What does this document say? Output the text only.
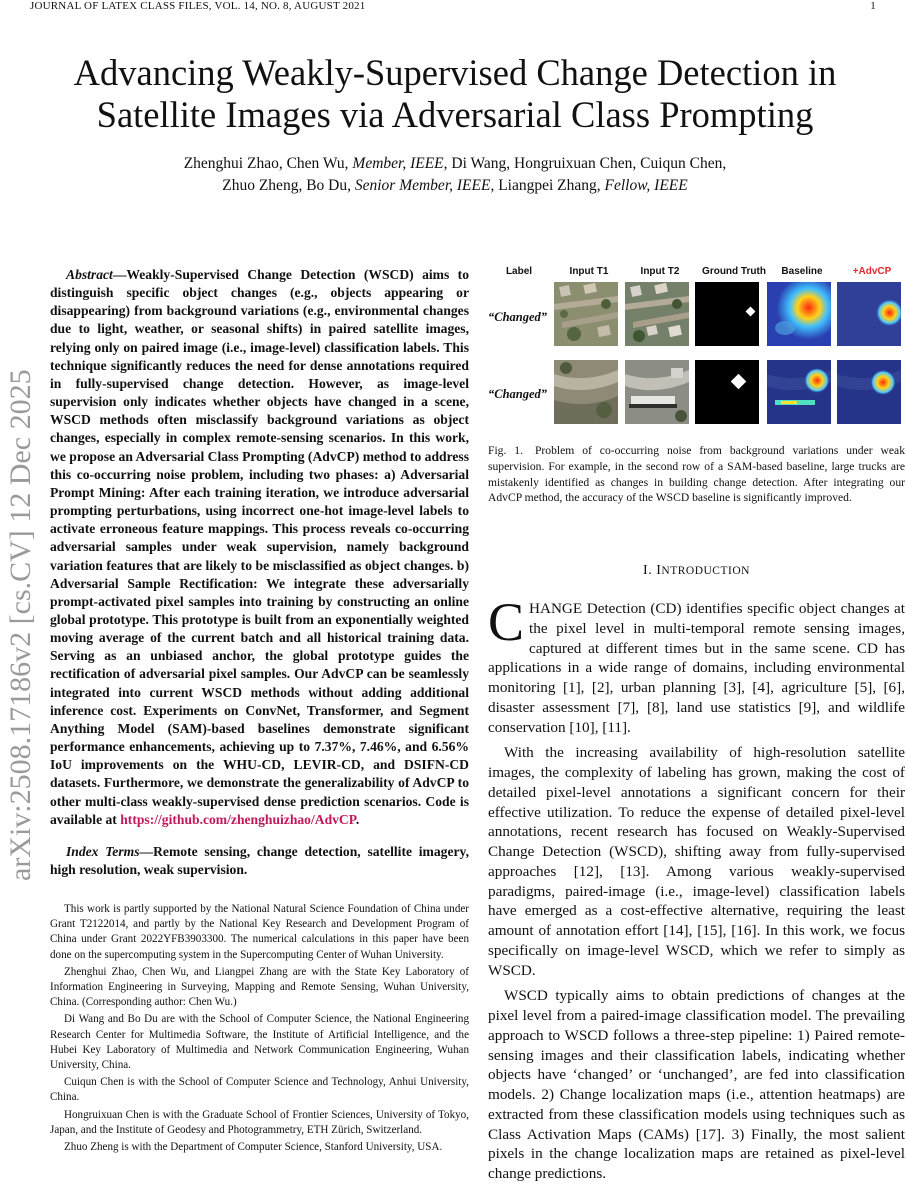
JOURNAL OF LATEX CLASS FILES, VOL. 14, NO. 8, AUGUST 2021	1
arXiv:2508.17186v2 [cs.CV] 12 Dec 2025
Advancing Weakly-Supervised Change Detection in Satellite Images via Adversarial Class Prompting
Zhenghui Zhao, Chen Wu, Member, IEEE, Di Wang, Hongruixuan Chen, Cuiqun Chen,
Zhuo Zheng, Bo Du, Senior Member, IEEE, Liangpei Zhang, Fellow, IEEE
Abstract—Weakly-Supervised Change Detection (WSCD) aims to distinguish specific object changes (e.g., objects appearing or disappearing) from background variations (e.g., environmental changes due to light, weather, or seasonal shifts) in paired satellite images, relying only on paired image (i.e., image-level) classification labels. This technique significantly reduces the need for dense annotations required in fully-supervised change detection. However, as image-level supervision only indicates whether objects have changed in a scene, WSCD methods often misclassify background variations as object changes, especially in complex remote-sensing scenarios. In this work, we propose an Adversarial Class Prompting (AdvCP) method to address this co-occurring noise problem, including two phases: a) Adversarial Prompt Mining: After each training iteration, we introduce adversarial prompting perturbations, using incorrect one-hot image-level labels to activate erroneous feature mappings. This process reveals co-occurring adversarial samples under weak supervision, namely background variation features that are likely to be misclassified as object changes. b) Adversarial Sample Rectification: We integrate these adversarially prompt-activated pixel samples into training by constructing an online global prototype. This prototype is built from an exponentially weighted moving average of the current batch and all historical training data. Serving as an unbiased anchor, the global prototype guides the rectification of adversarial pixel samples. Our AdvCP can be seamlessly integrated into current WSCD methods without adding additional inference cost. Experiments on ConvNet, Transformer, and Segment Anything Model (SAM)-based baselines demonstrate significant performance enhancements, achieving up to 7.37%, 7.46%, and 6.56% IoU improvements on the WHU-CD, LEVIR-CD, and DSIFN-CD datasets. Furthermore, we demonstrate the generalizability of AdvCP to other multi-class weakly-supervised dense prediction scenarios. Code is available at https://github.com/zhenghuizhao/AdvCP.
Index Terms—Remote sensing, change detection, satellite imagery, high resolution, weak supervision.

This work is partly supported by the National Natural Science Foundation of China under Grant T2122014, and partly by the National Key Research and Development Program of China under Grant 2022YFB3903300. The numerical calculations in this paper have been done on the supercomputing system in the Supercomputing Center of Wuhan University.

Zhenghui Zhao, Chen Wu, and Liangpei Zhang are with the State Key Laboratory of Information Engineering in Surveying, Mapping and Remote Sensing, Wuhan University, China. (Corresponding author: Chen Wu.)

Di Wang and Bo Du are with the School of Computer Science, the National Engineering Research Center for Multimedia Software, the Institute of Artificial Intelligence, and the Hubei Key Laboratory of Multimedia and Network Communication Engineering, Wuhan University, China.

Cuiqun Chen is with the School of Computer Science and Technology, Anhui University, China.

Hongruixuan Chen is with the Graduate School of Frontier Sciences, University of Tokyo, Japan, and the Institute of Geodesy and Photogrammetry, ETH Zürich, Switzerland.

Zhuo Zheng is with the Department of Computer Science, Stanford University, USA.

Label	Input T1	Input T2	Ground Truth	Baseline	+AdvCP
“Changed”
“Changed”
Fig. 1. Problem of co-occurring noise from background variations under weak supervision. For example, in the second row of a SAM-based baseline, large trucks are mistakenly identified as changes in building change detection. After integrating our AdvCP method, the accuracy of the WSCD baseline is significantly improved.
I. INTRODUCTION

CHANGE Detection (CD) identifies specific object changes at the pixel level in multi-temporal remote sensing images, captured at different times but in the same scene. CD has applications in a wide range of domains, including environmental monitoring [1], [2], urban planning [3], [4], agriculture [5], [6], disaster assessment [7], [8], land use statistics [9], and wildlife conservation [10], [11].

With the increasing availability of high-resolution satellite images, the complexity of labeling has grown, making the cost of detailed pixel-level annotations a significant concern for their effective utilization. To reduce the expense of detailed pixel-level annotations, recent research has focused on Weakly-Supervised Change Detection (WSCD), shifting away from fully-supervised approaches [12], [13]. Among various weakly-supervised paradigms, paired-image (i.e., image-level) classification labels have emerged as a cost-effective alternative, requiring the least amount of annotation effort [14], [15], [16]. In this work, we focus specifically on image-level WSCD, which we refer to simply as WSCD.

WSCD typically aims to obtain predictions of changes at the pixel level from a paired-image classification model. The prevailing approach to WSCD follows a three-step pipeline: 1) Paired remote-sensing images and their classification labels, indicating whether objects have ‘changed’ or ‘unchanged’, are fed into classification models. 2) Change localization maps (i.e., attention heatmaps) are extracted from these classification models using techniques such as Class Activation Maps (CAMs) [17]. 3) Finally, the most salient pixels in the change localization maps are retained as pixel-level change predictions.
